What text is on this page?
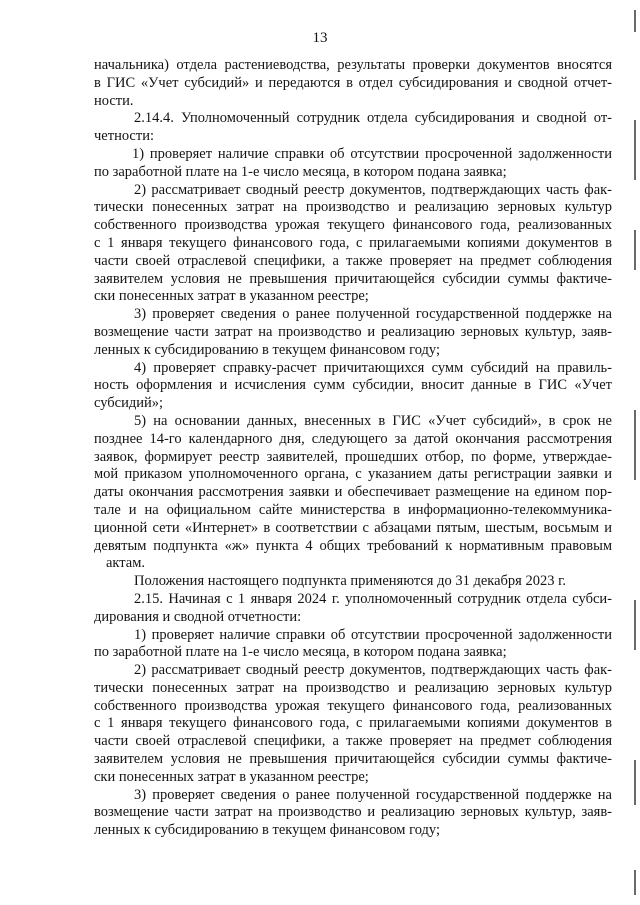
13
начальника) отдела растениеводства, результаты проверки документов вносятся
в ГИС «Учет субсидий» и передаются в отдел субсидирования и сводной отчет-
ности.
2.14.4. Уполномоченный сотрудник отдела субсидирования и сводной от-
четности:
1) проверяет наличие справки об отсутствии просроченной задолженности
по заработной плате на 1-е число месяца, в котором подана заявка;
2) рассматривает сводный реестр документов, подтверждающих часть фак-
тически понесенных затрат на производство и реализацию зерновых культур
собственного производства урожая текущего финансового года, реализованных
с 1 января текущего финансового года, с прилагаемыми копиями документов в
части своей отраслевой специфики, а также проверяет на предмет соблюдения
заявителем условия не превышения причитающейся субсидии суммы фактиче-
ски понесенных затрат в указанном реестре;
3) проверяет сведения о ранее полученной государственной поддержке на
возмещение части затрат на производство и реализацию зерновых культур, заяв-
ленных к субсидированию в текущем финансовом году;
4) проверяет справку-расчет причитающихся сумм субсидий на правиль-
ность оформления и исчисления сумм субсидии, вносит данные в ГИС «Учет
субсидий»;
5) на основании данных, внесенных в ГИС «Учет субсидий», в срок не
позднее 14-го календарного дня, следующего за датой окончания рассмотрения
заявок, формирует реестр заявителей, прошедших отбор, по форме, утверждае-
мой приказом уполномоченного органа, с указанием даты регистрации заявки и
даты окончания рассмотрения заявки и обеспечивает размещение на едином пор-
тале и на официальном сайте министерства в информационно-телекоммуника-
ционной сети «Интернет» в соответствии с абзацами пятым, шестым, восьмым и
девятым подпункта «ж» пункта 4 общих требований к нормативным правовым
актам.
Положения настоящего подпункта применяются до 31 декабря 2023 г.
2.15. Начиная с 1 января 2024 г. уполномоченный сотрудник отдела субси-
дирования и сводной отчетности:
1) проверяет наличие справки об отсутствии просроченной задолженности
по заработной плате на 1-е число месяца, в котором подана заявка;
2) рассматривает сводный реестр документов, подтверждающих часть фак-
тически понесенных затрат на производство и реализацию зерновых культур
собственного производства урожая текущего финансового года, реализованных
с 1 января текущего финансового года, с прилагаемыми копиями документов в
части своей отраслевой специфики, а также проверяет на предмет соблюдения
заявителем условия не превышения причитающейся субсидии суммы фактиче-
ски понесенных затрат в указанном реестре;
3) проверяет сведения о ранее полученной государственной поддержке на
возмещение части затрат на производство и реализацию зерновых культур, заяв-
ленных к субсидированию в текущем финансовом году;
